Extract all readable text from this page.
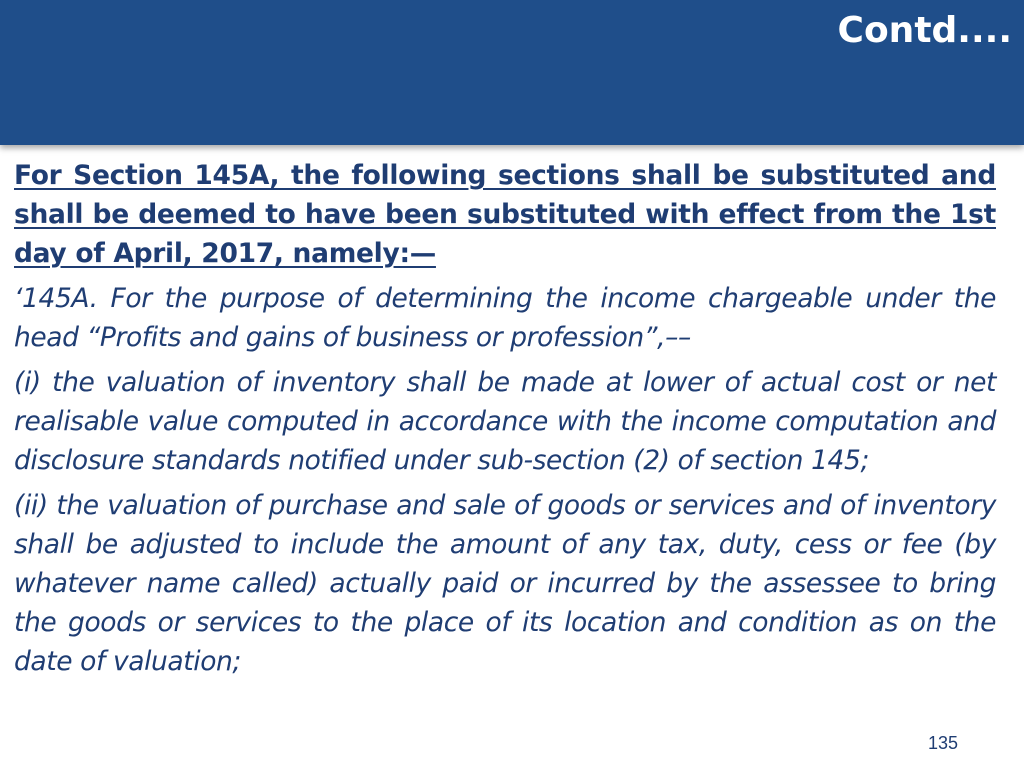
Contd....

For Section 145A, the following sections shall be substituted and shall be deemed to have been substituted with effect from the 1st day of April, 2017, namely:—

‘145A. For the purpose of determining the income chargeable under the head “Profits and gains of business or profession”,––

(i) the valuation of inventory shall be made at lower of actual cost or net realisable value computed in accordance with the income computation and disclosure standards notified under sub-section (2) of section 145;

(ii) the valuation of purchase and sale of goods or services and of inventory shall be adjusted to include the amount of any tax, duty, cess or fee (by whatever name called) actually paid or incurred by the assessee to bring the goods or services to the place of its location and condition as on the date of valuation;

135
